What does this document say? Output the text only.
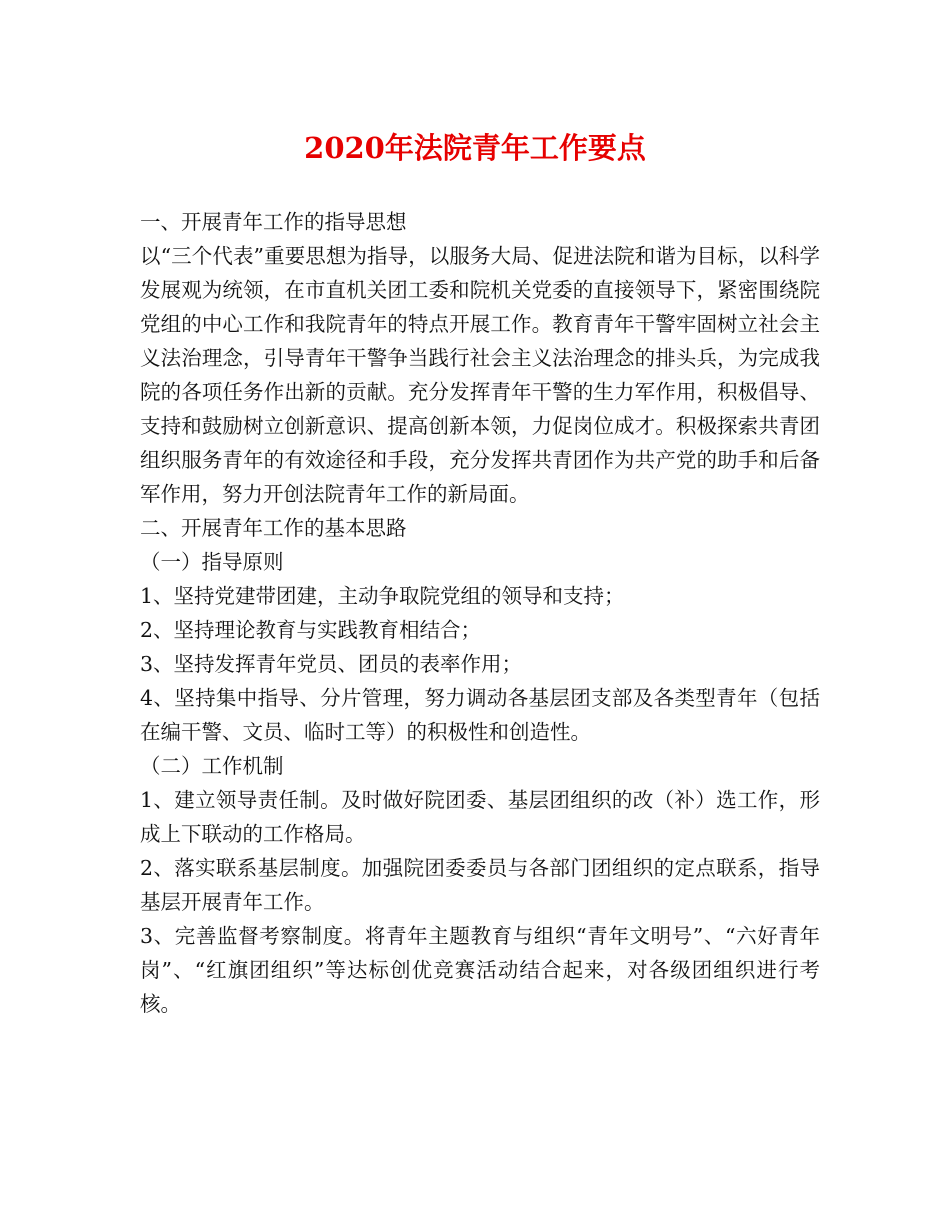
2020年法院青年工作要点

一、开展青年工作的指导思想

以“三个代表”重要思想为指导，以服务大局、促进法院和谐为目标，以科学发展观为统领，在市直机关团工委和院机关党委的直接领导下，紧密围绕院党组的中心工作和我院青年的特点开展工作。教育青年干警牢固树立社会主义法治理念，引导青年干警争当践行社会主义法治理念的排头兵，为完成我院的各项任务作出新的贡献。充分发挥青年干警的生力军作用，积极倡导、支持和鼓励树立创新意识、提高创新本领，力促岗位成才。积极探索共青团组织服务青年的有效途径和手段，充分发挥共青团作为共产党的助手和后备军作用，努力开创法院青年工作的新局面。

二、开展青年工作的基本思路

（一）指导原则

1、坚持党建带团建，主动争取院党组的领导和支持；

2、坚持理论教育与实践教育相结合；

3、坚持发挥青年党员、团员的表率作用；

4、坚持集中指导、分片管理，努力调动各基层团支部及各类型青年（包括在编干警、文员、临时工等）的积极性和创造性。

（二）工作机制

1、建立领导责任制。及时做好院团委、基层团组织的改（补）选工作，形成上下联动的工作格局。

2、落实联系基层制度。加强院团委委员与各部门团组织的定点联系，指导基层开展青年工作。

3、完善监督考察制度。将青年主题教育与组织“青年文明号”、“六好青年岗”、“红旗团组织”等达标创优竞赛活动结合起来，对各级团组织进行考核。
